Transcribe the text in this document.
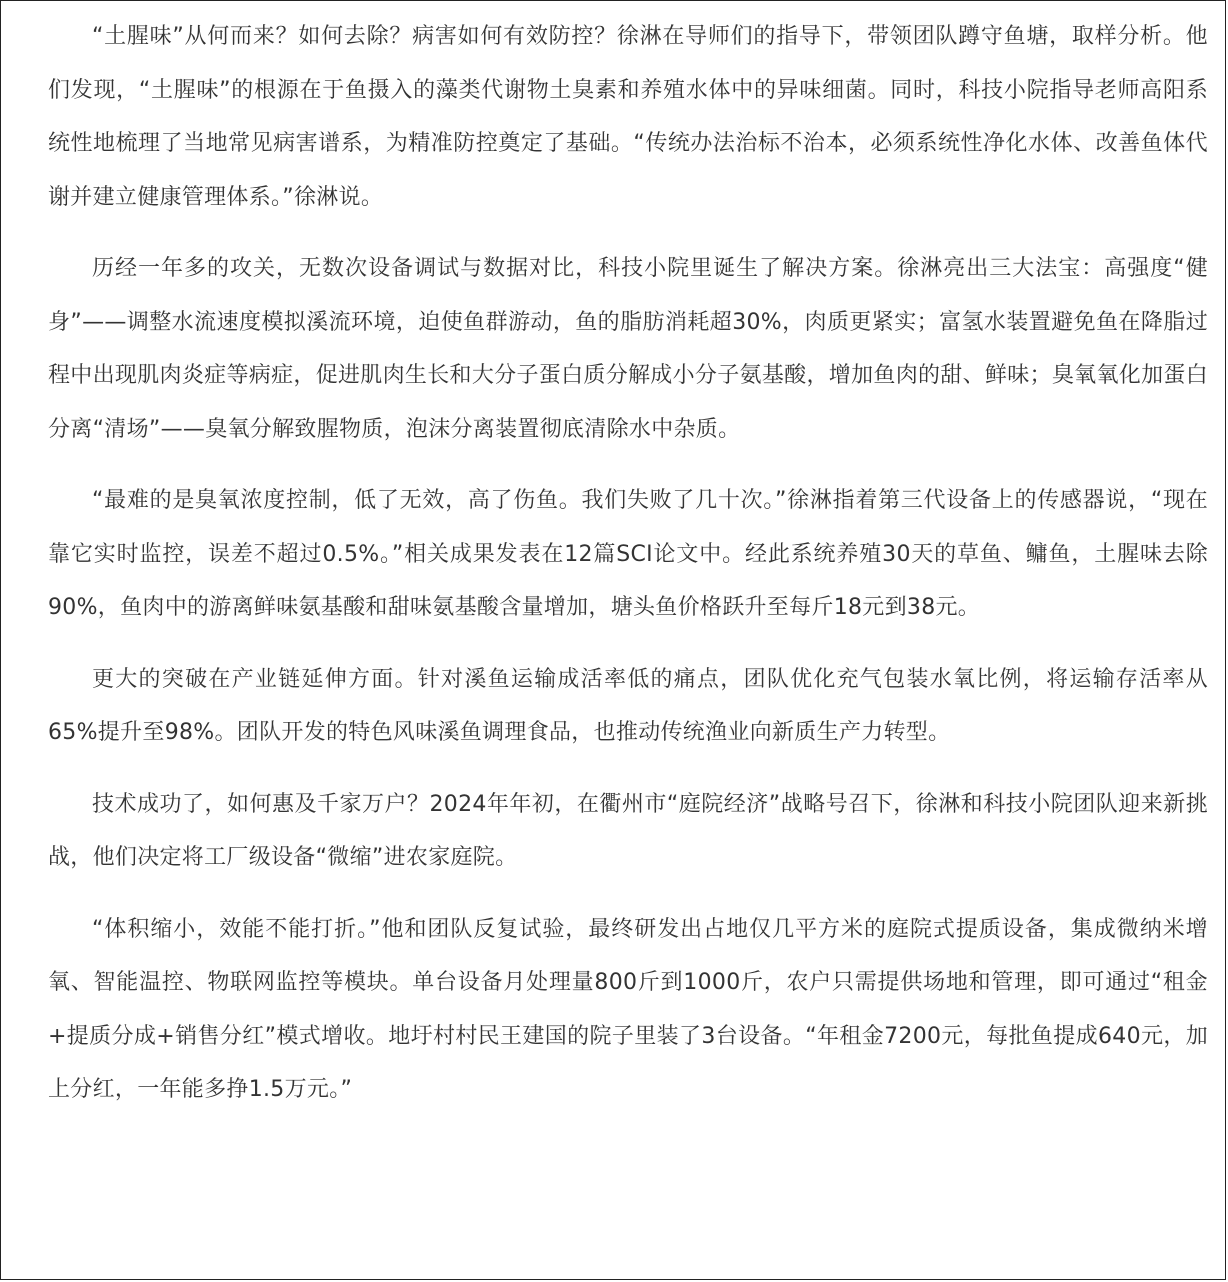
“土腥味”从何而来？如何去除？病害如何有效防控？徐淋在导师们的指导下，带领团队蹲守鱼塘，取样分析。他们发现，“土腥味”的根源在于鱼摄入的藻类代谢物土臭素和养殖水体中的异味细菌。同时，科技小院指导老师高阳系统性地梳理了当地常见病害谱系，为精准防控奠定了基础。“传统办法治标不治本，必须系统性净化水体、改善鱼体代谢并建立健康管理体系。”徐淋说。

历经一年多的攻关，无数次设备调试与数据对比，科技小院里诞生了解决方案。徐淋亮出三大法宝：高强度“健身”——调整水流速度模拟溪流环境，迫使鱼群游动，鱼的脂肪消耗超30%，肉质更紧实；富氢水装置避免鱼在降脂过程中出现肌肉炎症等病症，促进肌肉生长和大分子蛋白质分解成小分子氨基酸，增加鱼肉的甜、鲜味；臭氧氧化加蛋白分离“清场”——臭氧分解致腥物质，泡沫分离装置彻底清除水中杂质。

“最难的是臭氧浓度控制，低了无效，高了伤鱼。我们失败了几十次。”徐淋指着第三代设备上的传感器说，“现在靠它实时监控，误差不超过0.5%。”相关成果发表在12篇SCI论文中。经此系统养殖30天的草鱼、鳙鱼，土腥味去除90%，鱼肉中的游离鲜味氨基酸和甜味氨基酸含量增加，塘头鱼价格跃升至每斤18元到38元。

更大的突破在产业链延伸方面。针对溪鱼运输成活率低的痛点，团队优化充气包装水氧比例，将运输存活率从65%提升至98%。团队开发的特色风味溪鱼调理食品，也推动传统渔业向新质生产力转型。

技术成功了，如何惠及千家万户？2024年年初，在衢州市“庭院经济”战略号召下，徐淋和科技小院团队迎来新挑战，他们决定将工厂级设备“微缩”进农家庭院。

“体积缩小，效能不能打折。”他和团队反复试验，最终研发出占地仅几平方米的庭院式提质设备，集成微纳米增氧、智能温控、物联网监控等模块。单台设备月处理量800斤到1000斤，农户只需提供场地和管理，即可通过“租金+提质分成+销售分红”模式增收。地圩村村民王建国的院子里装了3台设备。“年租金7200元，每批鱼提成640元，加上分红，一年能多挣1.5万元。”
